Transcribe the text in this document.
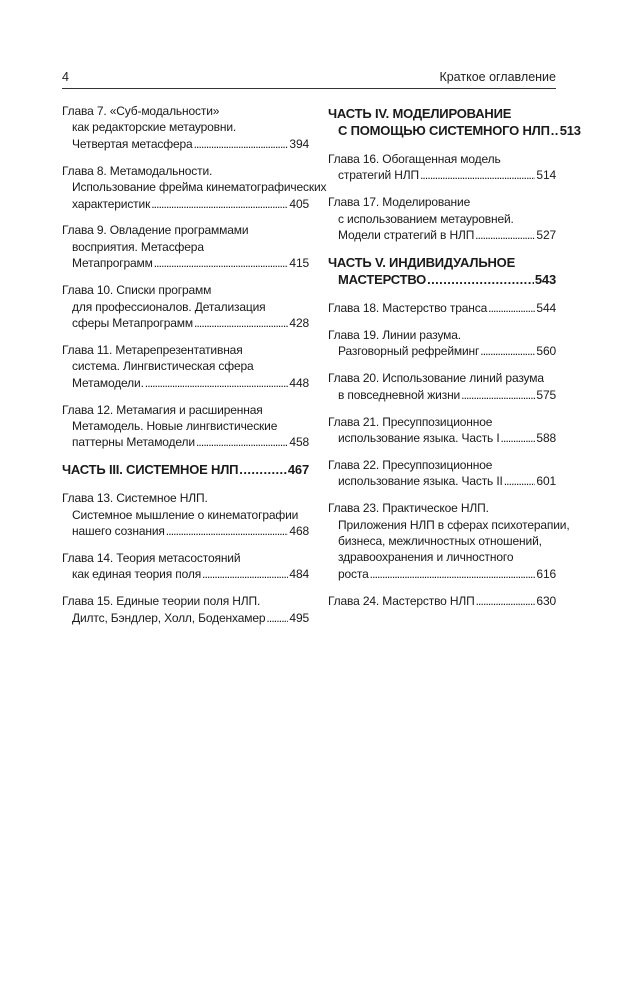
4	Краткое оглавление
Глава 7. «Суб-модальности»
как редакторские метауровни.
Четвертая метасфера . . .	394
Глава 8. Метамодальности.
Использование фрейма кинематографических
характеристик . . .	405
Глава 9. Овладение программами
восприятия. Метасфера
Метапрограмм . . .	415
Глава 10. Списки программ
для профессионалов. Детализация
сферы Метапрограмм . . .	428
Глава 11. Метарепрезентативная
система. Лингвистическая сфера
Метамодели. . . .	448
Глава 12. Метамагия и расширенная
Метамодель. Новые лингвистические
паттерны Метамодели . . .	458
ЧАСТЬ III. СИСТЕМНОЕ НЛП . . .	467
Глава 13. Системное НЛП.
Системное мышление о кинематографии
нашего сознания . . .	468
Глава 14. Теория метасостояний
как единая теория поля . . .	484
Глава 15. Единые теории поля НЛП.
Дилтс, Бэндлер, Холл, Боденхамер . . . 495
ЧАСТЬ IV. МОДЕЛИРОВАНИЕ
С ПОМОЩЬЮ СИСТЕМНОГО НЛП . . . 513
Глава 16. Обогащенная модель
стратегий НЛП . . .	514
Глава 17. Моделирование
с использованием метауровней.
Модели стратегий в НЛП . . .	527
ЧАСТЬ V. ИНДИВИДУАЛЬНОЕ
МАСТЕРСТВО . . .	543
Глава 18. Мастерство транса . . .	544
Глава 19. Линии разума.
Разговорный рефрейминг . . .	560
Глава 20. Использование линий разума
в повседневной жизни . . .	575
Глава 21. Пресуппозиционное
использование языка. Часть I . . .	588
Глава 22. Пресуппозиционное
использование языка. Часть II . . .	601
Глава 23. Практическое НЛП.
Приложения НЛП в сферах психотерапии,
бизнеса, межличностных отношений,
здравоохранения и личностного
роста . . .	616
Глава 24. Мастерство НЛП . . .	630
